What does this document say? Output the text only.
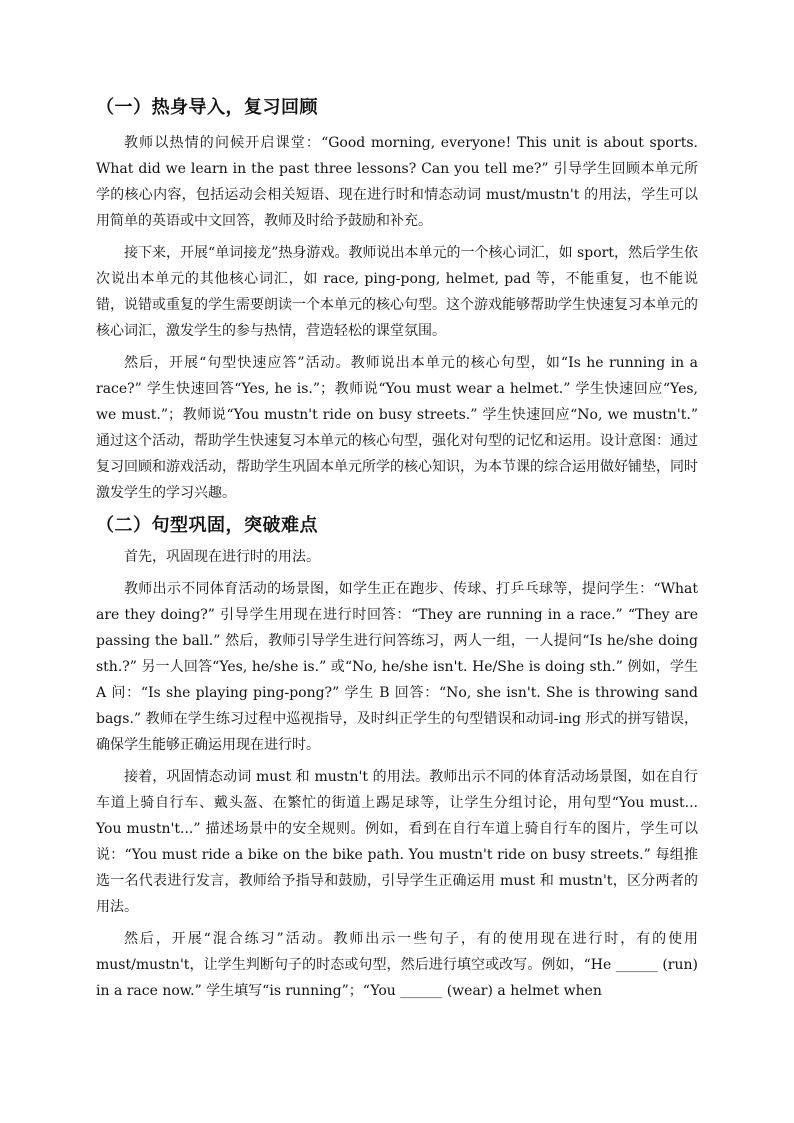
（一）热身导入，复习回顾

教师以热情的问候开启课堂：“Good morning, everyone! This unit is about sports. What did we learn in the past three lessons? Can you tell me?” 引导学生回顾本单元所学的核心内容，包括运动会相关短语、现在进行时和情态动词 must/mustn't 的用法，学生可以用简单的英语或中文回答，教师及时给予鼓励和补充。

接下来，开展“单词接龙”热身游戏。教师说出本单元的一个核心词汇，如 sport，然后学生依次说出本单元的其他核心词汇，如 race, ping-pong, helmet, pad 等，不能重复，也不能说错，说错或重复的学生需要朗读一个本单元的核心句型。这个游戏能够帮助学生快速复习本单元的核心词汇，激发学生的参与热情，营造轻松的课堂氛围。

然后，开展“句型快速应答”活动。教师说出本单元的核心句型，如“Is he running in a race?” 学生快速回答“Yes, he is.”；教师说“You must wear a helmet.” 学生快速回应“Yes, we must.”；教师说“You mustn't ride on busy streets.” 学生快速回应“No, we mustn't.” 通过这个活动，帮助学生快速复习本单元的核心句型，强化对句型的记忆和运用。设计意图：通过复习回顾和游戏活动，帮助学生巩固本单元所学的核心知识，为本节课的综合运用做好铺垫，同时激发学生的学习兴趣。

（二）句型巩固，突破难点

首先，巩固现在进行时的用法。

教师出示不同体育活动的场景图，如学生正在跑步、传球、打乒乓球等，提问学生：“What are they doing?” 引导学生用现在进行时回答：“They are running in a race.” “They are passing the ball.” 然后，教师引导学生进行问答练习，两人一组，一人提问“Is he/she doing sth.?” 另一人回答“Yes, he/she is.” 或“No, he/she isn't. He/She is doing sth.” 例如，学生 A 问：“Is she playing ping-pong?” 学生 B 回答：“No, she isn't. She is throwing sand bags.” 教师在学生练习过程中巡视指导，及时纠正学生的句型错误和动词-ing 形式的拼写错误，确保学生能够正确运用现在进行时。

接着，巩固情态动词 must 和 mustn't 的用法。教师出示不同的体育活动场景图，如在自行车道上骑自行车、戴头盔、在繁忙的街道上踢足球等，让学生分组讨论，用句型“You must... You mustn't...” 描述场景中的安全规则。例如，看到在自行车道上骑自行车的图片，学生可以说：“You must ride a bike on the bike path. You mustn't ride on busy streets.” 每组推选一名代表进行发言，教师给予指导和鼓励，引导学生正确运用 must 和 mustn't，区分两者的用法。

然后，开展“混合练习”活动。教师出示一些句子，有的使用现在进行时，有的使用 must/mustn't，让学生判断句子的时态或句型，然后进行填空或改写。例如，“He ______ (run) in a race now.” 学生填写“is running”；“You ______ (wear) a helmet when
